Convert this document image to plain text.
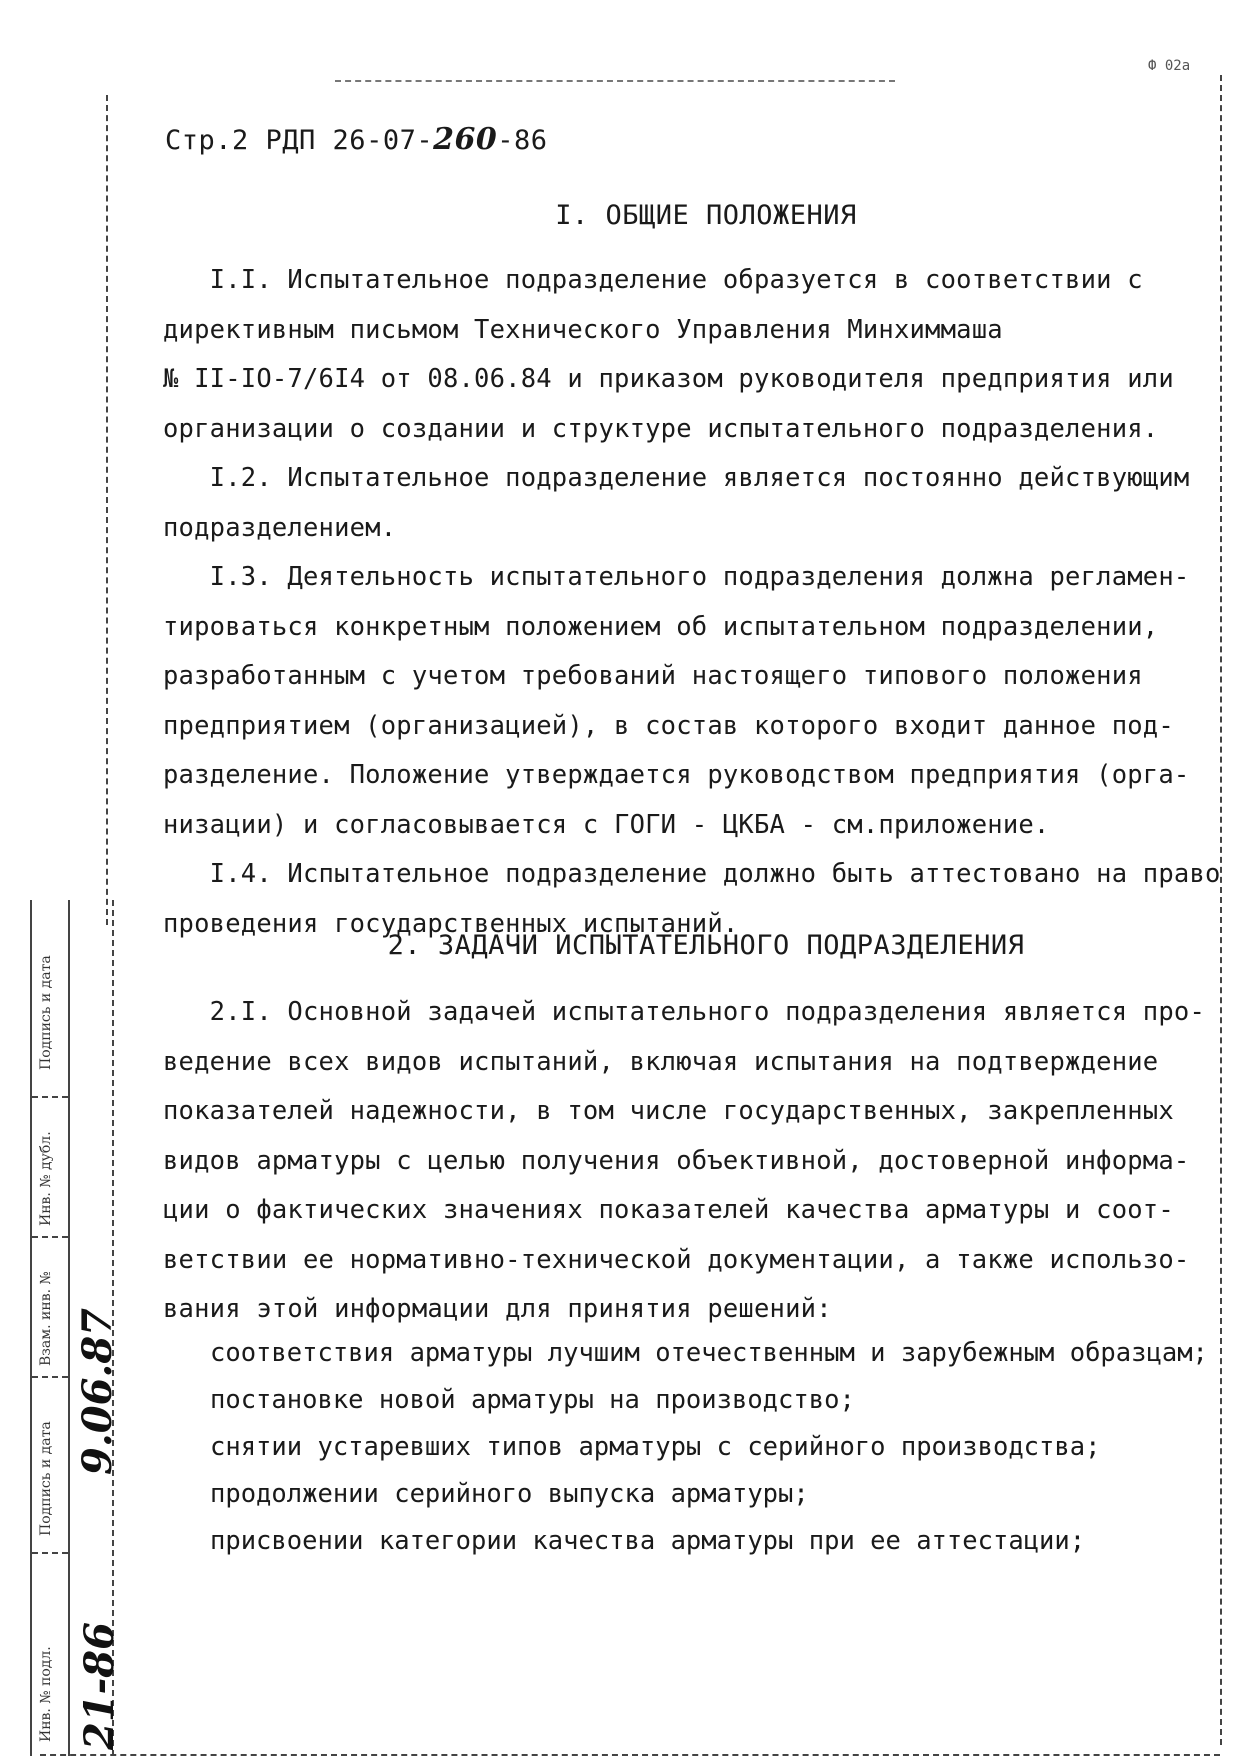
Ф 02а
Стр.2 РДП 26-07-260-86
I. ОБЩИЕ ПОЛОЖЕНИЯ
I.I. Испытательное подразделение образуется в соответствии с
директивным письмом Технического Управления Минхиммаша
№ II-IO-7/6I4 от 08.06.84 и приказом руководителя предприятия или
организации о создании и структуре испытательного подразделения.
I.2. Испытательное подразделение является постоянно действующим
подразделением.
I.3. Деятельность испытательного подразделения должна регламен-
тироваться конкретным положением об испытательном подразделении,
разработанным с учетом требований настоящего типового положения
предприятием (организацией), в состав которого входит данное под-
разделение. Положение утверждается руководством предприятия (орга-
низации) и согласовывается с ГОГИ - ЦКБА - см.приложение.
I.4. Испытательное подразделение должно быть аттестовано на право
проведения государственных испытаний.
2. ЗАДАЧИ ИСПЫТАТЕЛЬНОГО ПОДРАЗДЕЛЕНИЯ
2.I. Основной задачей испытательного подразделения является про-
ведение всех видов испытаний, включая испытания на подтверждение
показателей надежности, в том числе государственных, закрепленных
видов арматуры с целью получения объективной, достоверной информа-
ции о фактических значениях показателей качества арматуры и соот-
ветствии ее нормативно-технической документации, а также использо-
вания этой информации для принятия решений:
соответствия арматуры лучшим отечественным и зарубежным образцам;
постановке новой арматуры на производство;
снятии устаревших типов арматуры с серийного производства;
продолжении серийного выпуска арматуры;
присвоении категории качества арматуры при ее аттестации;
Подпись и дата
Инв. № дубл.
Взам. инв. №
Подпись и дата
Инв. № подл.
9.06.87
21-86
